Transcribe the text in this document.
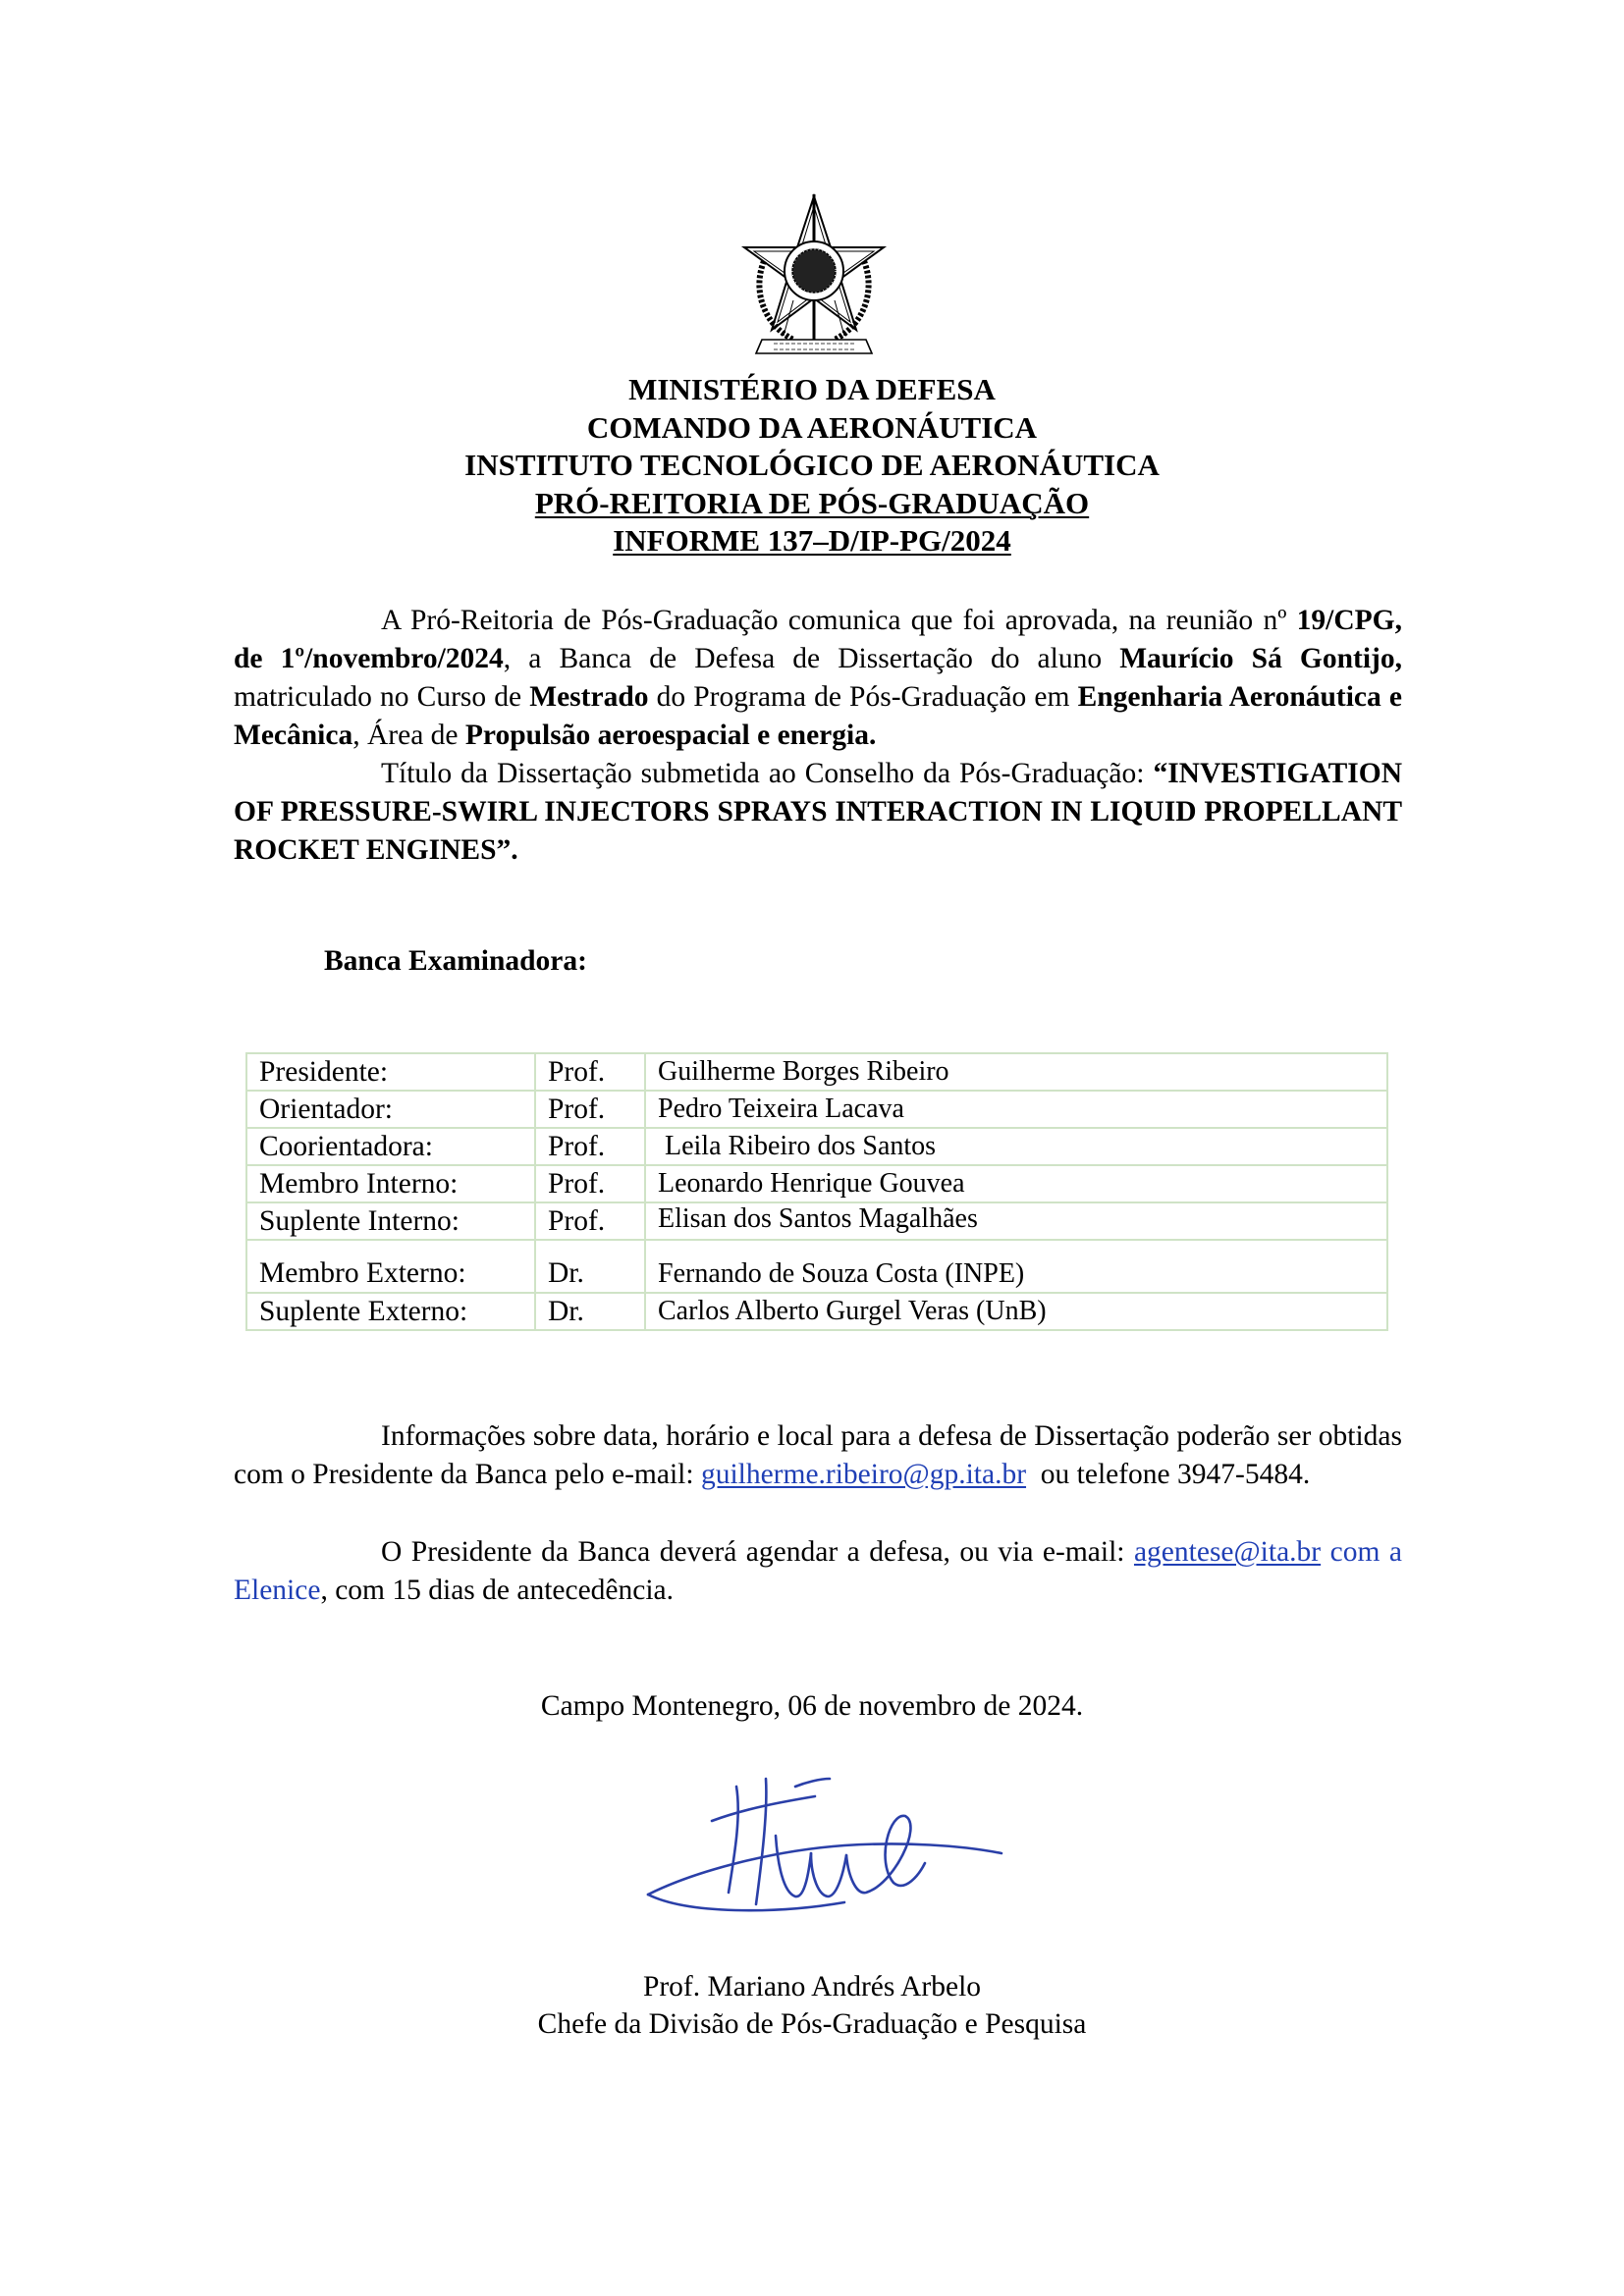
MINISTÉRIO DA DEFESA
COMANDO DA AERONÁUTICA
INSTITUTO TECNOLÓGICO DE AERONÁUTICA
PRÓ-REITORIA DE PÓS-GRADUAÇÃO
INFORME 137–D/IP-PG/2024
A Pró-Reitoria de Pós-Graduação comunica que foi aprovada, na reunião nº 19/CPG, de 1º/novembro/2024, a Banca de Defesa de Dissertação do aluno Maurício Sá Gontijo, matriculado no Curso de Mestrado do Programa de Pós-Graduação em Engenharia Aeronáutica e Mecânica, Área de Propulsão aeroespacial e energia.
Título da Dissertação submetida ao Conselho da Pós-Graduação: “INVESTIGATION OF PRESSURE-SWIRL INJECTORS SPRAYS INTERACTION IN LIQUID PROPELLANT ROCKET ENGINES”.
Banca Examinadora:
Presidente:	Prof.	Guilherme Borges Ribeiro
Orientador:	Prof.	Pedro Teixeira Lacava
Coorientadora:	Prof.	Leila Ribeiro dos Santos
Membro Interno:	Prof.	Leonardo Henrique Gouvea
Suplente Interno:	Prof.	Elisan dos Santos Magalhães
Membro Externo:	Dr.	Fernando de Souza Costa (INPE)
Suplente Externo:	Dr.	Carlos Alberto Gurgel Veras (UnB)
Informações sobre data, horário e local para a defesa de Dissertação poderão ser obtidas com o Presidente da Banca pelo e-mail: guilherme.ribeiro@gp.ita.br  ou telefone 3947-5484.
O Presidente da Banca deverá agendar a defesa, ou via e-mail: agentese@ita.br com a Elenice, com 15 dias de antecedência.
Campo Montenegro, 06 de novembro de 2024.
Prof. Mariano Andrés Arbelo
Chefe da Divisão de Pós-Graduação e Pesquisa
